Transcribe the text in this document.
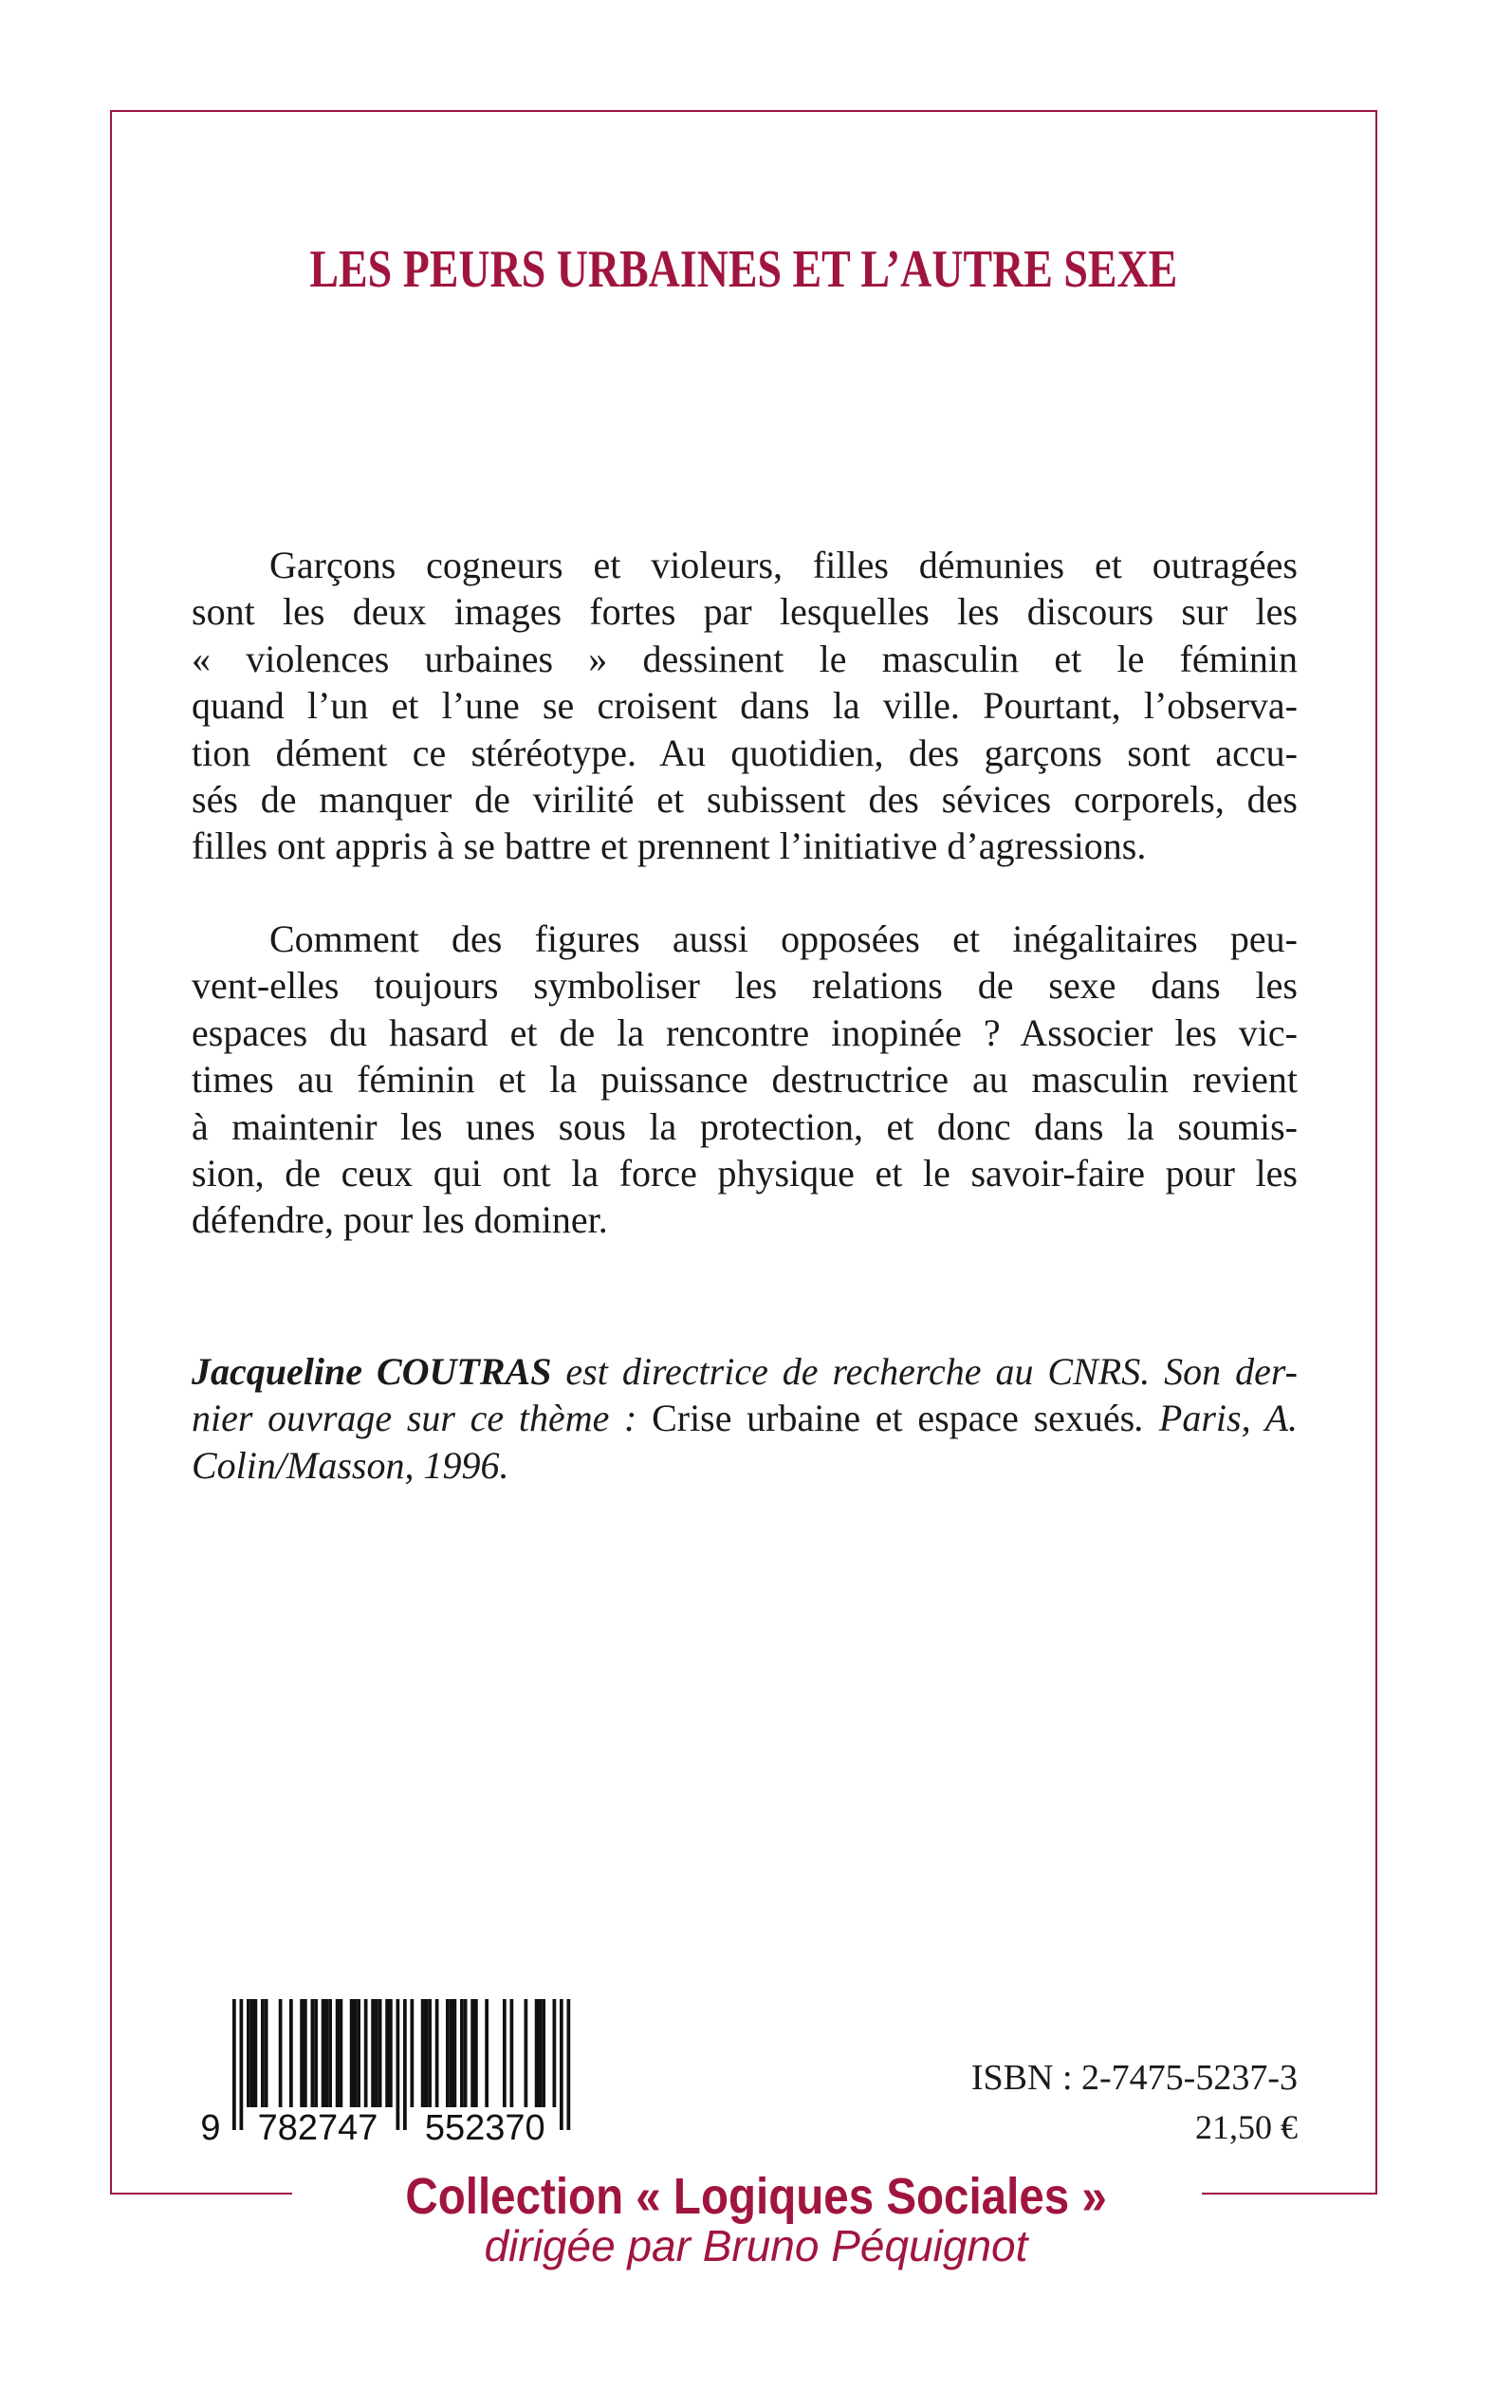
LES PEURS URBAINES ET L’AUTRE SEXE
Garçons cogneurs et violeurs, filles démunies et outragées
sont les deux images fortes par lesquelles les discours sur les
« violences urbaines » dessinent le masculin et le féminin
quand l’un et l’une se croisent dans la ville. Pourtant, l’observa-
tion dément ce stéréotype. Au quotidien, des garçons sont accu-
sés de manquer de virilité et subissent des sévices corporels, des
filles ont appris à se battre et prennent l’initiative d’agressions.
Comment des figures aussi opposées et inégalitaires peu-
vent-elles toujours symboliser les relations de sexe dans les
espaces du hasard et de la rencontre inopinée ? Associer les vic-
times au féminin et la puissance destructrice au masculin revient
à maintenir les unes sous la protection, et donc dans la soumis-
sion, de ceux qui ont la force physique et le savoir-faire pour les
défendre, pour les dominer.
Jacqueline COUTRAS est directrice de recherche au CNRS. Son der-
nier ouvrage sur ce thème : Crise urbaine et espace sexués. Paris, A.
Colin/Masson, 1996.
9 782747 552370
ISBN : 2-7475-5237-3
21,50 €
Collection « Logiques Sociales »
dirigée par Bruno Péquignot
